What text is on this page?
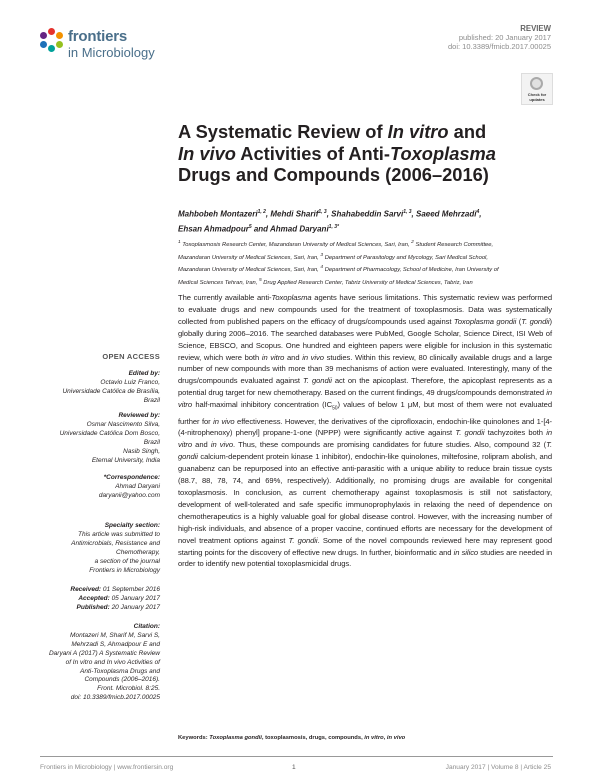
frontiers
in Microbiology
REVIEW
published: 20 January 2017
doi: 10.3389/fmicb.2017.00025
Check for
updates
A Systematic Review of In vitro and
In vivo Activities of Anti-Toxoplasma
Drugs and Compounds (2006–2016)
Mahbobeh Montazeri$^{1, 2}$, Mehdi Sharif$^{1, 3}$, Shahabeddin Sarvi$^{1, 3}$, Saeed Mehrzadi$^4$,
Ehsan Ahmadpour$^5$ and Ahmad Daryani$^{1, 3*}$
$^1$ Toxoplasmosis Research Center, Mazandaran University of Medical Sciences, Sari, Iran, $^2$ Student Research Committee,
Mazandaran University of Medical Sciences, Sari, Iran, $^3$ Department of Parasitology and Mycology, Sari Medical School,
Mazandaran University of Medical Sciences, Sari, Iran, $^4$ Department of Pharmacology, School of Medicine, Iran University of
Medical Sciences Tehran, Iran, $^5$ Drug Applied Research Center, Tabriz University of Medical Sciences, Tabriz, Iran
OPEN ACCESS
Edited by:
Octavio Luiz Franco,
Universidade Católica de Brasília,
Brazil
Reviewed by:
Osmar Nascimento Silva,
Universidade Católica Dom Bosco,
Brazil
Nasib Singh,
Eternal University, India
*Correspondence:
Ahmad Daryani
daryanii@yahoo.com
Specialty section:
This article was submitted to
Antimicrobials, Resistance and
Chemotherapy,
a section of the journal
Frontiers in Microbiology
Received: 01 September 2016
Accepted: 05 January 2017
Published: 20 January 2017
Citation:
Montazeri M, Sharif M, Sarvi S,
Mehrzadi S, Ahmadpour E and
Daryani A (2017) A Systematic Review
of In vitro and In vivo Activities of
Anti-Toxoplasma Drugs and
Compounds (2006–2016).
Front. Microbiol. 8:25.
doi: 10.3389/fmicb.2017.00025
The currently available anti-Toxoplasma agents have serious limitations. This systematic review was performed to evaluate drugs and new compounds used for the treatment of toxoplasmosis. Data was systematically collected from published papers on the efficacy of drugs/compounds used against Toxoplasma gondii (T. gondii) globally during 2006–2016. The searched databases were PubMed, Google Scholar, Science Direct, ISI Web of Science, EBSCO, and Scopus. One hundred and eighteen papers were eligible for inclusion in this systematic review, which were both in vitro and in vivo studies. Within this review, 80 clinically available drugs and a large number of new compounds with more than 39 mechanisms of action were evaluated. Interestingly, many of the drugs/compounds evaluated against T. gondii act on the apicoplast. Therefore, the apicoplast represents as a potential drug target for new chemotherapy. Based on the current findings, 49 drugs/compounds demonstrated in vitro half-maximal inhibitory concentration $(IC_{50})$ values of below 1 μM, but most of them were not evaluated further for in vivo effectiveness. However, the derivatives of the ciprofloxacin, endochin-like quinolones and 1-[4-(4-nitrophenoxy) phenyl] propane-1-one (NPPP) were significantly active against T. gondii tachyzoites both in vitro and in vivo. Thus, these compounds are promising candidates for future studies. Also, compound 32 (T. gondii calcium-dependent protein kinase 1 inhibitor), endochin-like quinolones, miltefosine, rolipram abolish, and guanabenz can be repurposed into an effective anti-parasitic with a unique ability to reduce brain tissue cysts (88.7, 88, 78, 74, and 69%, respectively). Additionally, no promising drugs are available for congenital toxoplasmosis. In conclusion, as current chemotherapy against toxoplasmosis is still not satisfactory, development of well-tolerated and safe specific immunoprophylaxis in relaxing the need of dependence on chemotherapeutics is a highly valuable goal for global disease control. However, with the increasing number of high-risk individuals, and absence of a proper vaccine, continued efforts are necessary for the development of novel treatment options against T. gondii. Some of the novel compounds reviewed here may represent good starting points for the discovery of effective new drugs. In further, bioinformatic and in silico studies are needed in order to identify new potential toxoplasmicidal drugs.
Keywords: Toxoplasma gondii, toxoplasmosis, drugs, compounds, in vitro, in vivo
Frontiers in Microbiology | www.frontiersin.org	1	January 2017 | Volume 8 | Article 25
